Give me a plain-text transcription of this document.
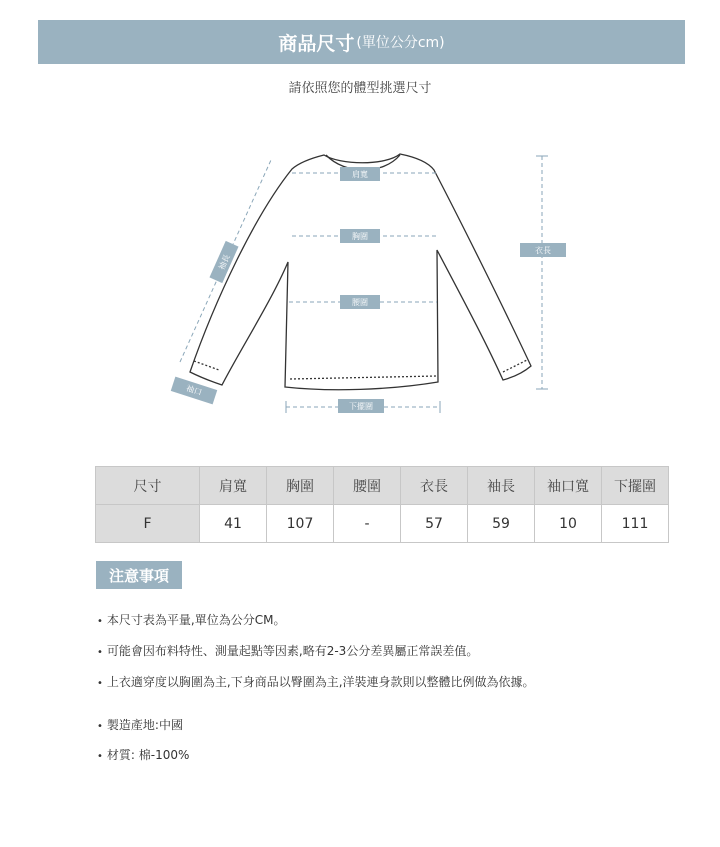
商品尺寸 (單位公分cm)
請依照您的體型挑選尺寸
肩寬
胸圍
腰圍
衣長
袖長
袖口
下擺圍
尺寸	肩寬	胸圍	腰圍	衣長	袖長	袖口寬	下擺圍
F	41	107	-	57	59	10	111
注意事項
• 本尺寸表為平量,單位為公分CM。
• 可能會因布料特性、測量起點等因素,略有2-3公分差異屬正常誤差值。
• 上衣適穿度以胸圍為主,下身商品以臀圍為主,洋裝連身款則以整體比例做為依據。
• 製造產地:中國
• 材質: 棉-100%
